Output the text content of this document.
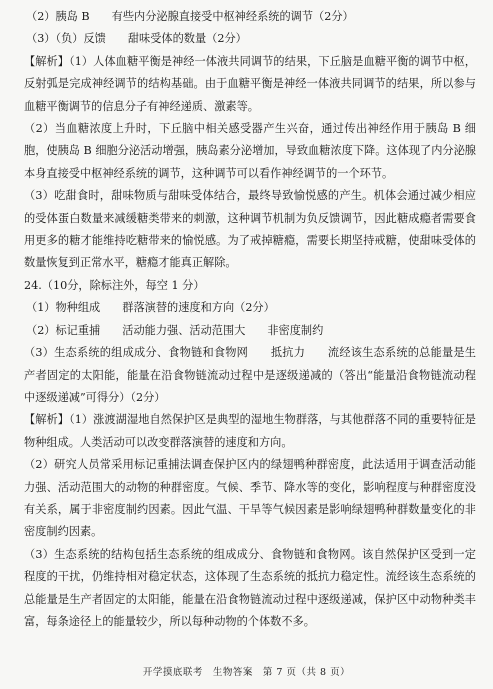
（2）胰岛 B 有些内分泌腺直接受中枢神经系统的调节（2分）

（3）（负）反馈 甜味受体的数量（2分）

【解析】（1）人体血糖平衡是神经一体液共同调节的结果，下丘脑是血糖平衡的调节中枢，反射弧是完成神经调节的结构基础。由于血糖平衡是神经一体液共同调节的结果，所以参与血糖平衡调节的信息分子有神经递质、激素等。

（2）当血糖浓度上升时，下丘脑中相关感受器产生兴奋，通过传出神经作用于胰岛 B 细胞，使胰岛 B 细胞分泌活动增强，胰岛素分泌增加，导致血糖浓度下降。这体现了内分泌腺本身直接受中枢神经系统的调节，这种调节可以看作神经调节的一个环节。

（3）吃甜食时，甜味物质与甜味受体结合，最终导致愉悦感的产生。机体会通过减少相应的受体蛋白数量来减缓糖类带来的刺激，这种调节机制为负反馈调节，因此糖成瘾者需要食用更多的糖才能维持吃糖带来的愉悦感。为了戒掉糖瘾，需要长期坚持戒糖，使甜味受体的数量恢复到正常水平，糖瘾才能真正解除。

24.（10分，除标注外，每空 1 分）

（1）物种组成 群落演替的速度和方向（2分）

（2）标记重捕 活动能力强、活动范围大 非密度制约

（3）生态系统的组成成分、食物链和食物网　　抵抗力　　流经该生态系统的总能量是生产者固定的太阳能，能量在沿食物链流动过程中是逐级递减的（答出“能量沿食物链流动程中逐级递减”可得分）（2分）

【解析】（1）涨渡湖湿地自然保护区是典型的湿地生物群落，与其他群落不同的重要特征是物种组成。人类活动可以改变群落演替的速度和方向。

（2）研究人员常采用标记重捕法调查保护区内的绿翅鸭种群密度，此法适用于调查活动能力强、活动范围大的动物的种群密度。气候、季节、降水等的变化，影响程度与种群密度没有关系，属于非密度制约因素。因此气温、干旱等气候因素是影响绿翅鸭种群数量变化的非密度制约因素。

（3）生态系统的结构包括生态系统的组成成分、食物链和食物网。该自然保护区受到一定程度的干扰，仍维持相对稳定状态，这体现了生态系统的抵抗力稳定性。流经该生态系统的总能量是生产者固定的太阳能，能量在沿食物链流动过程中逐级递减，保护区中动物种类丰富，每条途径上的能量较少，所以每种动物的个体数不多。

开学摸底联考　生物答案　第 7 页（共 8 页）
